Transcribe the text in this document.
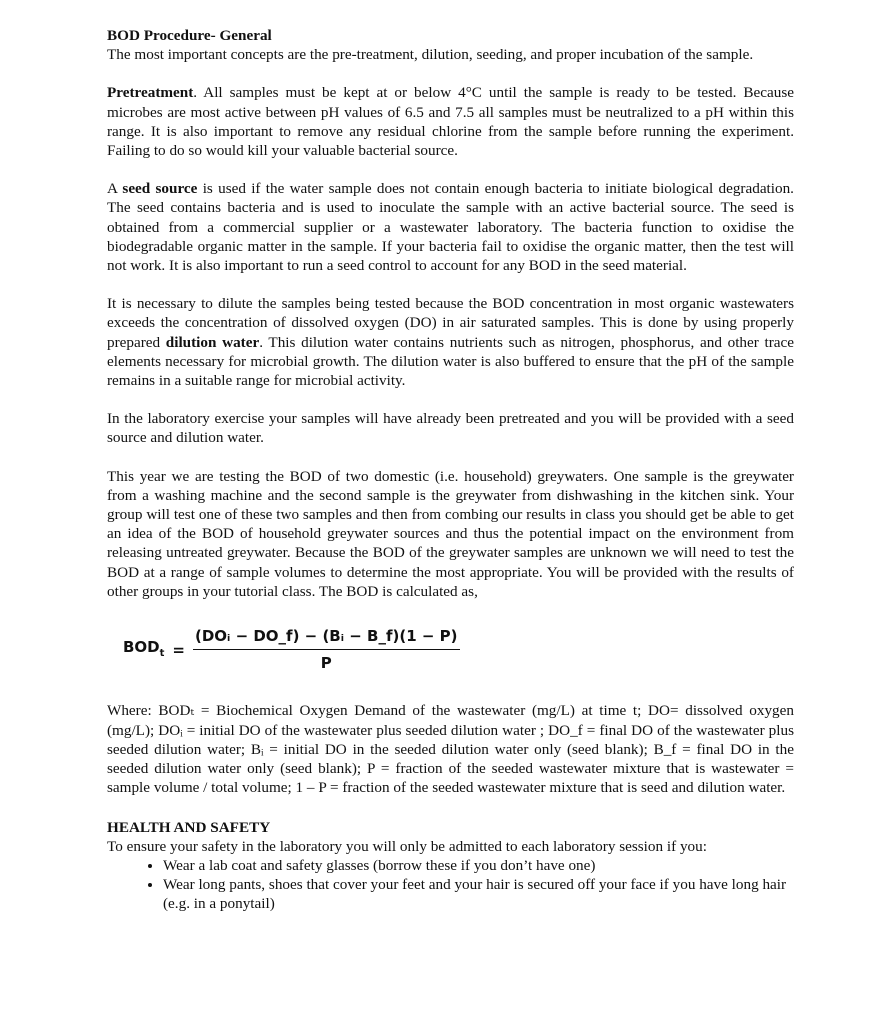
BOD Procedure- General

The most important concepts are the pre-treatment, dilution, seeding, and proper incubation of the sample.

Pretreatment. All samples must be kept at or below 4°C until the sample is ready to be tested. Because microbes are most active between pH values of 6.5 and 7.5 all samples must be neutralized to a pH within this range. It is also important to remove any residual chlorine from the sample before running the experiment. Failing to do so would kill your valuable bacterial source.

A seed source is used if the water sample does not contain enough bacteria to initiate biological degradation. The seed contains bacteria and is used to inoculate the sample with an active bacterial source. The seed is obtained from a commercial supplier or a wastewater laboratory. The bacteria function to oxidise the biodegradable organic matter in the sample. If your bacteria fail to oxidise the organic matter, then the test will not work. It is also important to run a seed control to account for any BOD in the seed material.

It is necessary to dilute the samples being tested because the BOD concentration in most organic wastewaters exceeds the concentration of dissolved oxygen (DO) in air saturated samples. This is done by using properly prepared dilution water. This dilution water contains nutrients such as nitrogen, phosphorus, and other trace elements necessary for microbial growth. The dilution water is also buffered to ensure that the pH of the sample remains in a suitable range for microbial activity.

In the laboratory exercise your samples will have already been pretreated and you will be provided with a seed source and dilution water.

This year we are testing the BOD of two domestic (i.e. household) greywaters. One sample is the greywater from a washing machine and the second sample is the greywater from dishwashing in the kitchen sink. Your group will test one of these two samples and then from combing our results in class you should get be able to get an idea of the BOD of household greywater sources and thus the potential impact on the environment from releasing untreated greywater. Because the BOD of the greywater samples are unknown we will need to test the BOD at a range of sample volumes to determine the most appropriate. You will be provided with the results of other groups in your tutorial class. The BOD is calculated as,

$BOD_t = \frac{\text{(DOᵢ − DO\_f) − (Bᵢ − B\_f)(1 − P)}}{P}$

Where: BODₜ = Biochemical Oxygen Demand of the wastewater (mg/L) at time t; DO= dissolved oxygen (mg/L); DOᵢ = initial DO of the wastewater plus seeded dilution water ; DO_f = final DO of the wastewater plus seeded dilution water; Bᵢ = initial DO in the seeded dilution water only (seed blank); B_f = final DO in the seeded dilution water only (seed blank); P = fraction of the seeded wastewater mixture that is wastewater = sample volume / total volume; 1 – P = fraction of the seeded wastewater mixture that is seed and dilution water.

HEALTH AND SAFETY
To ensure your safety in the laboratory you will only be admitted to each laboratory session if you:
• Wear a lab coat and safety glasses (borrow these if you don’t have one)
• Wear long pants, shoes that cover your feet and your hair is secured off your face if you have long hair (e.g. in a ponytail)
